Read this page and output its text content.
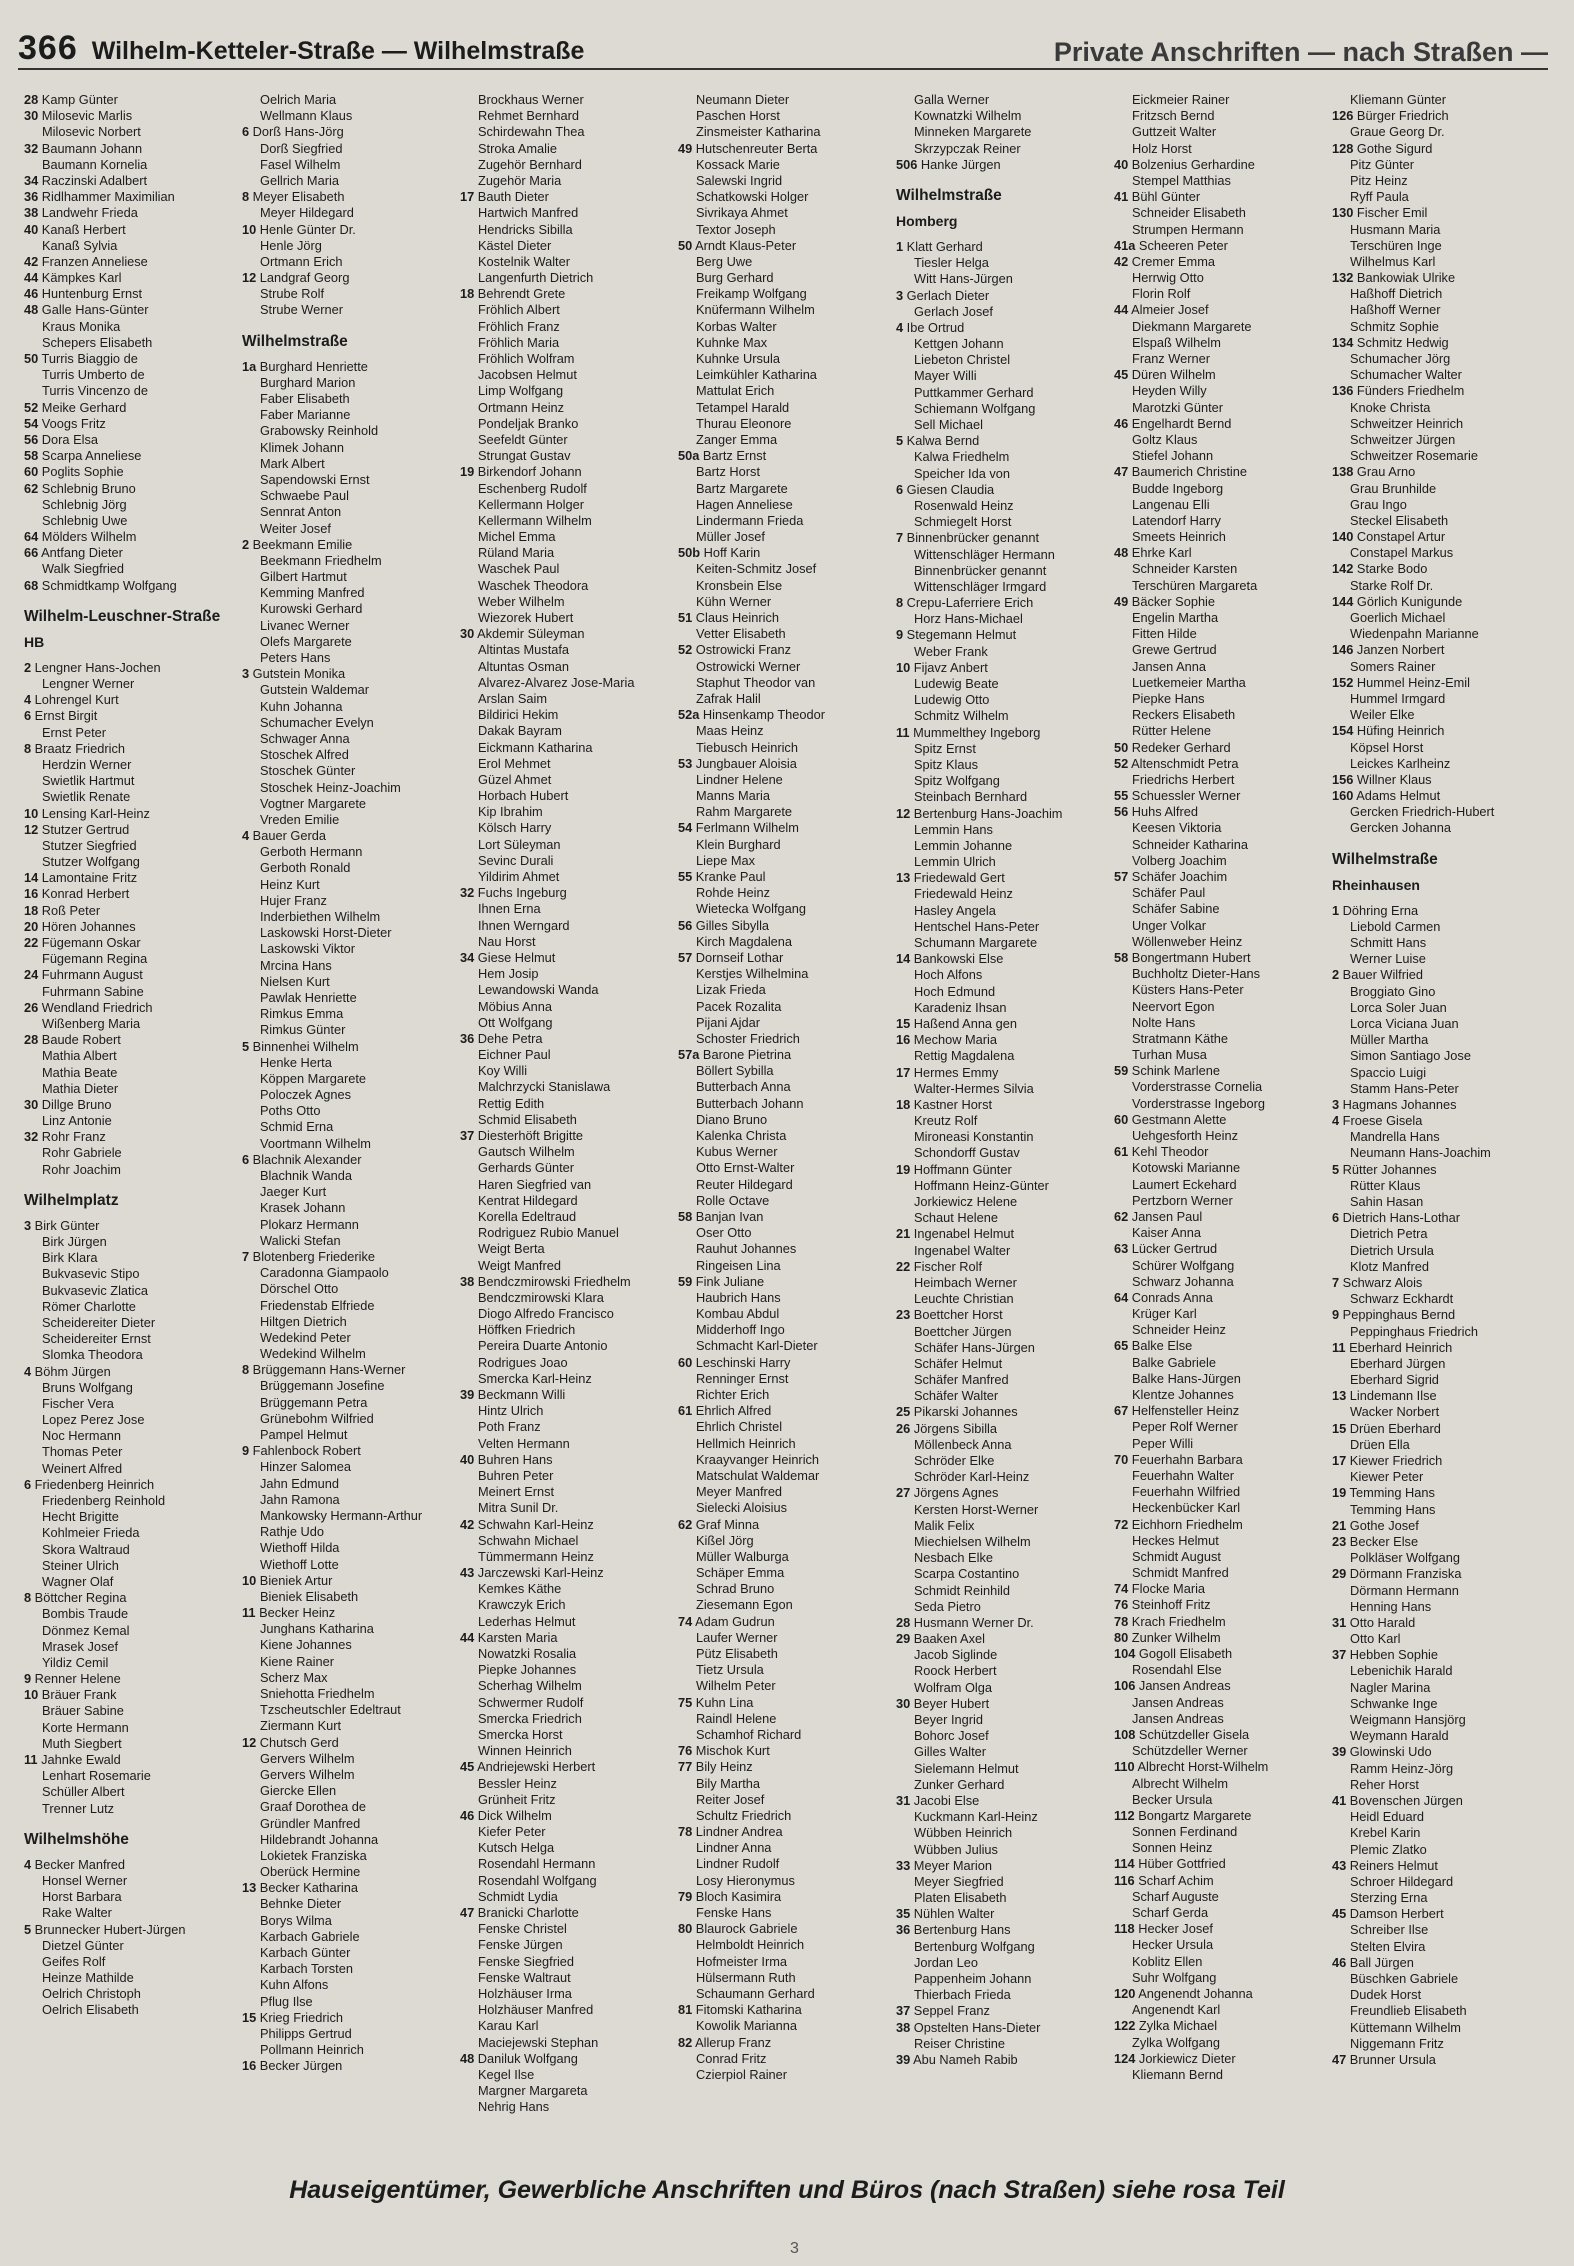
366 Wilhelm-Ketteler-Straße — Wilhelmstraße	Private Anschriften — nach Straßen —
28 Kamp Günter
30 Milosevic Marlis
Milosevic Norbert
32 Baumann Johann
Baumann Kornelia
34 Raczinski Adalbert
36 Ridlhammer Maximilian
38 Landwehr Frieda
40 Kanaß Herbert
Kanaß Sylvia
42 Franzen Anneliese
44 Kämpkes Karl
46 Huntenburg Ernst
48 Galle Hans-Günter
Kraus Monika
Schepers Elisabeth
50 Turris Biaggio de
Turris Umberto de
Turris Vincenzo de
52 Meike Gerhard
54 Voogs Fritz
56 Dora Elsa
58 Scarpa Anneliese
60 Poglits Sophie
62 Schlebnig Bruno
Schlebnig Jörg
Schlebnig Uwe
64 Mölders Wilhelm
66 Antfang Dieter
Walk Siegfried
68 Schmidtkamp Wolfgang
Wilhelm-Leuschner-Straße
HB
2 Lengner Hans-Jochen
Lengner Werner
4 Lohrengel Kurt
6 Ernst Birgit
Ernst Peter
8 Braatz Friedrich
Herdzin Werner
Swietlik Hartmut
Swietlik Renate
10 Lensing Karl-Heinz
12 Stutzer Gertrud
Stutzer Siegfried
Stutzer Wolfgang
14 Lamontaine Fritz
16 Konrad Herbert
18 Roß Peter
20 Hören Johannes
22 Fügemann Oskar
Fügemann Regina
24 Fuhrmann August
Fuhrmann Sabine
26 Wendland Friedrich
Wißenberg Maria
28 Baude Robert
Mathia Albert
Mathia Beate
Mathia Dieter
30 Dillge Bruno
Linz Antonie
32 Rohr Franz
Rohr Gabriele
Rohr Joachim
Wilhelmplatz
3 Birk Günter
Birk Jürgen
Birk Klara
Bukvasevic Stipo
Bukvasevic Zlatica
Römer Charlotte
Scheidereiter Dieter
Scheidereiter Ernst
Slomka Theodora
4 Böhm Jürgen
Bruns Wolfgang
Fischer Vera
Lopez Perez Jose
Noc Hermann
Thomas Peter
Weinert Alfred
6 Friedenberg Heinrich
Friedenberg Reinhold
Hecht Brigitte
Kohlmeier Frieda
Skora Waltraud
Steiner Ulrich
Wagner Olaf
8 Böttcher Regina
Bombis Traude
Dönmez Kemal
Mrasek Josef
Yildiz Cemil
9 Renner Helene
10 Bräuer Frank
Bräuer Sabine
Korte Hermann
Muth Siegbert
11 Jahnke Ewald
Lenhart Rosemarie
Schüller Albert
Trenner Lutz
Wilhelmshöhe
4 Becker Manfred
Honsel Werner
Horst Barbara
Rake Walter
5 Brunnecker Hubert-Jürgen
Dietzel Günter
Geifes Rolf
Heinze Mathilde
Oelrich Christoph
Oelrich Elisabeth
Oelrich Maria
Wellmann Klaus
6 Dorß Hans-Jörg
Dorß Siegfried
Fasel Wilhelm
Gellrich Maria
8 Meyer Elisabeth
Meyer Hildegard
10 Henle Günter Dr.
Henle Jörg
Ortmann Erich
12 Landgraf Georg
Strube Rolf
Strube Werner
Wilhelmstraße
1a Burghard Henriette
Burghard Marion
Faber Elisabeth
Faber Marianne
Grabowsky Reinhold
Klimek Johann
Mark Albert
Sapendowski Ernst
Schwaebe Paul
Sennrat Anton
Weiter Josef
2 Beekmann Emilie
Beekmann Friedhelm
Gilbert Hartmut
Kemming Manfred
Kurowski Gerhard
Livanec Werner
Olefs Margarete
Peters Hans
3 Gutstein Monika
Gutstein Waldemar
Kuhn Johanna
Schumacher Evelyn
Schwager Anna
Stoschek Alfred
Stoschek Günter
Stoschek Heinz-Joachim
Vogtner Margarete
Vreden Emilie
4 Bauer Gerda
Gerboth Hermann
Gerboth Ronald
Heinz Kurt
Hujer Franz
Inderbiethen Wilhelm
Laskowski Horst-Dieter
Laskowski Viktor
Mrcina Hans
Nielsen Kurt
Pawlak Henriette
Rimkus Emma
Rimkus Günter
5 Binnenhei Wilhelm
Henke Herta
Köppen Margarete
Poloczek Agnes
Poths Otto
Schmid Erna
Voortmann Wilhelm
6 Blachnik Alexander
Blachnik Wanda
Jaeger Kurt
Krasek Johann
Plokarz Hermann
Walicki Stefan
7 Blotenberg Friederike
Caradonna Giampaolo
Dörschel Otto
Friedenstab Elfriede
Hiltgen Dietrich
Wedekind Peter
Wedekind Wilhelm
8 Brüggemann Hans-Werner
Brüggemann Josefine
Brüggemann Petra
Grünebohm Wilfried
Pampel Helmut
9 Fahlenbock Robert
Hinzer Salomea
Jahn Edmund
Jahn Ramona
Mankowsky Hermann-Arthur
Rathje Udo
Wiethoff Hilda
Wiethoff Lotte
10 Bieniek Artur
Bieniek Elisabeth
11 Becker Heinz
Junghans Katharina
Kiene Johannes
Kiene Rainer
Scherz Max
Sniehotta Friedhelm
Tzscheutschler Edeltraut
Ziermann Kurt
12 Chutsch Gerd
Gervers Wilhelm
Gervers Wilhelm
Giercke Ellen
Graaf Dorothea de
Gründler Manfred
Hildebrandt Johanna
Lokietek Franziska
Oberück Hermine
13 Becker Katharina
Behnke Dieter
Borys Wilma
Karbach Gabriele
Karbach Günter
Karbach Torsten
Kuhn Alfons
Pflug Ilse
15 Krieg Friedrich
Philipps Gertrud
Pollmann Heinrich
16 Becker Jürgen
Brockhaus Werner
Rehmet Bernhard
Schirdewahn Thea
Stroka Amalie
Zugehör Bernhard
Zugehör Maria
17 Bauth Dieter
Hartwich Manfred
Hendricks Sibilla
Kästel Dieter
Kostelnik Walter
Langenfurth Dietrich
18 Behrendt Grete
Fröhlich Albert
Fröhlich Franz
Fröhlich Maria
Fröhlich Wolfram
Jacobsen Helmut
Limp Wolfgang
Ortmann Heinz
Pondeljak Branko
Seefeldt Günter
Strungat Gustav
19 Birkendorf Johann
Eschenberg Rudolf
Kellermann Holger
Kellermann Wilhelm
Michel Emma
Rüland Maria
Waschek Paul
Waschek Theodora
Weber Wilhelm
Wiezorek Hubert
30 Akdemir Süleyman
Altintas Mustafa
Altuntas Osman
Alvarez-Alvarez Jose-Maria
Arslan Saim
Bildirici Hekim
Dakak Bayram
Eickmann Katharina
Erol Mehmet
Güzel Ahmet
Horbach Hubert
Kip Ibrahim
Kölsch Harry
Lort Süleyman
Sevinc Durali
Yildirim Ahmet
32 Fuchs Ingeburg
Ihnen Erna
Ihnen Werngard
Nau Horst
34 Giese Helmut
Hem Josip
Lewandowski Wanda
Möbius Anna
Ott Wolfgang
36 Dehe Petra
Eichner Paul
Koy Willi
Malchrzycki Stanislawa
Rettig Edith
Schmid Elisabeth
37 Diesterhöft Brigitte
Gautsch Wilhelm
Gerhards Günter
Haren Siegfried van
Kentrat Hildegard
Korella Edeltraud
Rodriguez Rubio Manuel
Weigt Berta
Weigt Manfred
38 Bendczmirowski Friedhelm
Bendczmirowski Klara
Diogo Alfredo Francisco
Höffken Friedrich
Pereira Duarte Antonio
Rodrigues Joao
Smercka Karl-Heinz
39 Beckmann Willi
Hintz Ulrich
Poth Franz
Velten Hermann
40 Buhren Hans
Buhren Peter
Meinert Ernst
Mitra Sunil Dr.
42 Schwahn Karl-Heinz
Schwahn Michael
Tümmermann Heinz
43 Jarczewski Karl-Heinz
Kemkes Käthe
Krawczyk Erich
Lederhas Helmut
44 Karsten Maria
Nowatzki Rosalia
Piepke Johannes
Scherhag Wilhelm
Schwermer Rudolf
Smercka Friedrich
Smercka Horst
Winnen Heinrich
45 Andriejewski Herbert
Bessler Heinz
Grünheit Fritz
46 Dick Wilhelm
Kiefer Peter
Kutsch Helga
Rosendahl Hermann
Rosendahl Wolfgang
Schmidt Lydia
47 Branicki Charlotte
Fenske Christel
Fenske Jürgen
Fenske Siegfried
Fenske Waltraut
Holzhäuser Irma
Holzhäuser Manfred
Karau Karl
Maciejewski Stephan
48 Daniluk Wolfgang
Kegel Ilse
Margner Margareta
Nehrig Hans
Neumann Dieter
Paschen Horst
Zinsmeister Katharina
49 Hutschenreuter Berta
Kossack Marie
Salewski Ingrid
Schatkowski Holger
Sivrikaya Ahmet
Textor Joseph
50 Arndt Klaus-Peter
Berg Uwe
Burg Gerhard
Freikamp Wolfgang
Knüfermann Wilhelm
Korbas Walter
Kuhnke Max
Kuhnke Ursula
Leimkühler Katharina
Mattulat Erich
Tetampel Harald
Thurau Eleonore
Zanger Emma
50a Bartz Ernst
Bartz Horst
Bartz Margarete
Hagen Anneliese
Lindermann Frieda
Müller Josef
50b Hoff Karin
Keiten-Schmitz Josef
Kronsbein Else
Kühn Werner
51 Claus Heinrich
Vetter Elisabeth
52 Ostrowicki Franz
Ostrowicki Werner
Staphut Theodor van
Zafrak Halil
52a Hinsenkamp Theodor
Maas Heinz
Tiebusch Heinrich
53 Jungbauer Aloisia
Lindner Helene
Manns Maria
Rahm Margarete
54 Ferlmann Wilhelm
Klein Burghard
Liepe Max
55 Kranke Paul
Rohde Heinz
Wietecka Wolfgang
56 Gilles Sibylla
Kirch Magdalena
57 Dornseif Lothar
Kerstjes Wilhelmina
Lizak Frieda
Pacek Rozalita
Pijani Ajdar
Schoster Friedrich
57a Barone Pietrina
Böllert Sybilla
Butterbach Anna
Butterbach Johann
Diano Bruno
Kalenka Christa
Kubus Werner
Otto Ernst-Walter
Reuter Hildegard
Rolle Octave
58 Banjan Ivan
Oser Otto
Rauhut Johannes
Ringeisen Lina
59 Fink Juliane
Haubrich Hans
Kombau Abdul
Midderhoff Ingo
Schmacht Karl-Dieter
60 Leschinski Harry
Renninger Ernst
Richter Erich
61 Ehrlich Alfred
Ehrlich Christel
Hellmich Heinrich
Kraayvanger Heinrich
Matschulat Waldemar
Meyer Manfred
Sielecki Aloisius
62 Graf Minna
Kißel Jörg
Müller Walburga
Schäper Emma
Schrad Bruno
Ziesemann Egon
74 Adam Gudrun
Laufer Werner
Pütz Elisabeth
Tietz Ursula
Wilhelm Peter
75 Kuhn Lina
Raindl Helene
Schamhof Richard
76 Mischok Kurt
77 Bily Heinz
Bily Martha
Reiter Josef
Schultz Friedrich
78 Lindner Andrea
Lindner Anna
Lindner Rudolf
Losy Hieronymus
79 Bloch Kasimira
Fenske Hans
80 Blaurock Gabriele
Helmboldt Heinrich
Hofmeister Irma
Hülsermann Ruth
Schaumann Gerhard
81 Fitomski Katharina
Kowolik Marianna
82 Allerup Franz
Conrad Fritz
Czierpiol Rainer
Galla Werner
Kownatzki Wilhelm
Minneken Margarete
Skrzypczak Reiner
506 Hanke Jürgen
Wilhelmstraße
Homberg
1 Klatt Gerhard
Tiesler Helga
Witt Hans-Jürgen
3 Gerlach Dieter
Gerlach Josef
4 Ibe Ortrud
Kettgen Johann
Liebeton Christel
Mayer Willi
Puttkammer Gerhard
Schiemann Wolfgang
Sell Michael
5 Kalwa Bernd
Kalwa Friedhelm
Speicher Ida von
6 Giesen Claudia
Rosenwald Heinz
Schmiegelt Horst
7 Binnenbrücker genannt
Wittenschläger Hermann
Binnenbrücker genannt
Wittenschläger Irmgard
8 Crepu-Laferriere Erich
Horz Hans-Michael
9 Stegemann Helmut
Weber Frank
10 Fijavz Anbert
Ludewig Beate
Ludewig Otto
Schmitz Wilhelm
11 Mummelthey Ingeborg
Spitz Ernst
Spitz Klaus
Spitz Wolfgang
Steinbach Bernhard
12 Bertenburg Hans-Joachim
Lemmin Hans
Lemmin Johanne
Lemmin Ulrich
13 Friedewald Gert
Friedewald Heinz
Hasley Angela
Hentschel Hans-Peter
Schumann Margarete
14 Bankowski Else
Hoch Alfons
Hoch Edmund
Karadeniz Ihsan
15 Haßend Anna gen
16 Mechow Maria
Rettig Magdalena
17 Hermes Emmy
Walter-Hermes Silvia
18 Kastner Horst
Kreutz Rolf
Mironeasi Konstantin
Schondorff Gustav
19 Hoffmann Günter
Hoffmann Heinz-Günter
Jorkiewicz Helene
Schaut Helene
21 Ingenabel Helmut
Ingenabel Walter
22 Fischer Rolf
Heimbach Werner
Leuchte Christian
23 Boettcher Horst
Boettcher Jürgen
Schäfer Hans-Jürgen
Schäfer Helmut
Schäfer Manfred
Schäfer Walter
25 Pikarski Johannes
26 Jörgens Sibilla
Möllenbeck Anna
Schröder Elke
Schröder Karl-Heinz
27 Jörgens Agnes
Kersten Horst-Werner
Malik Felix
Miechielsen Wilhelm
Nesbach Elke
Scarpa Costantino
Schmidt Reinhild
Seda Pietro
28 Husmann Werner Dr.
29 Baaken Axel
Jacob Siglinde
Roock Herbert
Wolfram Olga
30 Beyer Hubert
Beyer Ingrid
Bohorc Josef
Gilles Walter
Sielemann Helmut
Zunker Gerhard
31 Jacobi Else
Kuckmann Karl-Heinz
Wübben Heinrich
Wübben Julius
33 Meyer Marion
Meyer Siegfried
Platen Elisabeth
35 Nühlen Walter
36 Bertenburg Hans
Bertenburg Wolfgang
Jordan Leo
Pappenheim Johann
Thierbach Frieda
37 Seppel Franz
38 Opstelten Hans-Dieter
Reiser Christine
39 Abu Nameh Rabib
Eickmeier Rainer
Fritzsch Bernd
Guttzeit Walter
Holz Horst
40 Bolzenius Gerhardine
Stempel Matthias
41 Bühl Günter
Schneider Elisabeth
Strumpen Hermann
41a Scheeren Peter
42 Cremer Emma
Herrwig Otto
Florin Rolf
44 Almeier Josef
Diekmann Margarete
Elspaß Wilhelm
Franz Werner
45 Düren Wilhelm
Heyden Willy
Marotzki Günter
46 Engelhardt Bernd
Goltz Klaus
Stiefel Johann
47 Baumerich Christine
Budde Ingeborg
Langenau Elli
Latendorf Harry
Smeets Heinrich
48 Ehrke Karl
Schneider Karsten
Terschüren Margareta
49 Bäcker Sophie
Engelin Martha
Fitten Hilde
Grewe Gertrud
Jansen Anna
Luetkemeier Martha
Piepke Hans
Reckers Elisabeth
Rütter Helene
50 Redeker Gerhard
52 Altenschmidt Petra
Friedrichs Herbert
55 Schuessler Werner
56 Huhs Alfred
Keesen Viktoria
Schneider Katharina
Volberg Joachim
57 Schäfer Joachim
Schäfer Paul
Schäfer Sabine
Unger Volkar
Wöllenweber Heinz
58 Bongertmann Hubert
Buchholtz Dieter-Hans
Küsters Hans-Peter
Neervort Egon
Nolte Hans
Stratmann Käthe
Turhan Musa
59 Schink Marlene
Vorderstrasse Cornelia
Vorderstrasse Ingeborg
60 Gestmann Alette
Uehgesforth Heinz
61 Kehl Theodor
Kotowski Marianne
Laumert Eckehard
Pertzborn Werner
62 Jansen Paul
Kaiser Anna
63 Lücker Gertrud
Schürer Wolfgang
Schwarz Johanna
64 Conrads Anna
Krüger Karl
Schneider Heinz
65 Balke Else
Balke Gabriele
Balke Hans-Jürgen
Klentze Johannes
67 Helfensteller Heinz
Peper Rolf Werner
Peper Willi
70 Feuerhahn Barbara
Feuerhahn Walter
Feuerhahn Wilfried
Heckenbücker Karl
72 Eichhorn Friedhelm
Heckes Helmut
Schmidt August
Schmidt Manfred
74 Flocke Maria
76 Steinhoff Fritz
78 Krach Friedhelm
80 Zunker Wilhelm
104 Gogoll Elisabeth
Rosendahl Else
106 Jansen Andreas
Jansen Andreas
Jansen Andreas
108 Schützdeller Gisela
Schützdeller Werner
110 Albrecht Horst-Wilhelm
Albrecht Wilhelm
Becker Ursula
112 Bongartz Margarete
Sonnen Ferdinand
Sonnen Heinz
114 Hüber Gottfried
116 Scharf Achim
Scharf Auguste
Scharf Gerda
118 Hecker Josef
Hecker Ursula
Koblitz Ellen
Suhr Wolfgang
120 Angenendt Johanna
Angenendt Karl
122 Zylka Michael
Zylka Wolfgang
124 Jorkiewicz Dieter
Kliemann Bernd
Kliemann Günter
126 Bürger Friedrich
Graue Georg Dr.
128 Gothe Sigurd
Pitz Günter
Pitz Heinz
Ryff Paula
130 Fischer Emil
Husmann Maria
Terschüren Inge
Wilhelmus Karl
132 Bankowiak Ulrike
Haßhoff Dietrich
Haßhoff Werner
Schmitz Sophie
134 Schmitz Hedwig
Schumacher Jörg
Schumacher Walter
136 Fünders Friedhelm
Knoke Christa
Schweitzer Heinrich
Schweitzer Jürgen
Schweitzer Rosemarie
138 Grau Arno
Grau Brunhilde
Grau Ingo
Steckel Elisabeth
140 Constapel Artur
Constapel Markus
142 Starke Bodo
Starke Rolf Dr.
144 Görlich Kunigunde
Goerlich Michael
Wiedenpahn Marianne
146 Janzen Norbert
Somers Rainer
152 Hummel Heinz-Emil
Hummel Irmgard
Weiler Elke
154 Hüfing Heinrich
Köpsel Horst
Leickes Karlheinz
156 Willner Klaus
160 Adams Helmut
Gercken Friedrich-Hubert
Gercken Johanna
Wilhelmstraße
Rheinhausen
1 Döhring Erna
Liebold Carmen
Schmitt Hans
Werner Luise
2 Bauer Wilfried
Broggiato Gino
Lorca Soler Juan
Lorca Viciana Juan
Müller Martha
Simon Santiago Jose
Spaccio Luigi
Stamm Hans-Peter
3 Hagmans Johannes
4 Froese Gisela
Mandrella Hans
Neumann Hans-Joachim
5 Rütter Johannes
Rütter Klaus
Sahin Hasan
6 Dietrich Hans-Lothar
Dietrich Petra
Dietrich Ursula
Klotz Manfred
7 Schwarz Alois
Schwarz Eckhardt
9 Peppinghaus Bernd
Peppinghaus Friedrich
11 Eberhard Heinrich
Eberhard Jürgen
Eberhard Sigrid
13 Lindemann Ilse
Wacker Norbert
15 Drüen Eberhard
Drüen Ella
17 Kiewer Friedrich
Kiewer Peter
19 Temming Hans
Temming Hans
21 Gothe Josef
23 Becker Else
Polkläser Wolfgang
29 Dörmann Franziska
Dörmann Hermann
Henning Hans
31 Otto Harald
Otto Karl
37 Hebben Sophie
Lebenichik Harald
Nagler Marina
Schwanke Inge
Weigmann Hansjörg
Weymann Harald
39 Glowinski Udo
Ramm Heinz-Jörg
Reher Horst
41 Bovenschen Jürgen
Heidl Eduard
Krebel Karin
Plemic Zlatko
43 Reiners Helmut
Schroer Hildegard
Sterzing Erna
45 Damson Herbert
Schreiber Ilse
Stelten Elvira
46 Ball Jürgen
Büschken Gabriele
Dudek Horst
Freundlieb Elisabeth
Küttemann Wilhelm
Niggemann Fritz
47 Brunner Ursula
Hauseigentümer, Gewerbliche Anschriften und Büros (nach Straßen) siehe rosa Teil
3
